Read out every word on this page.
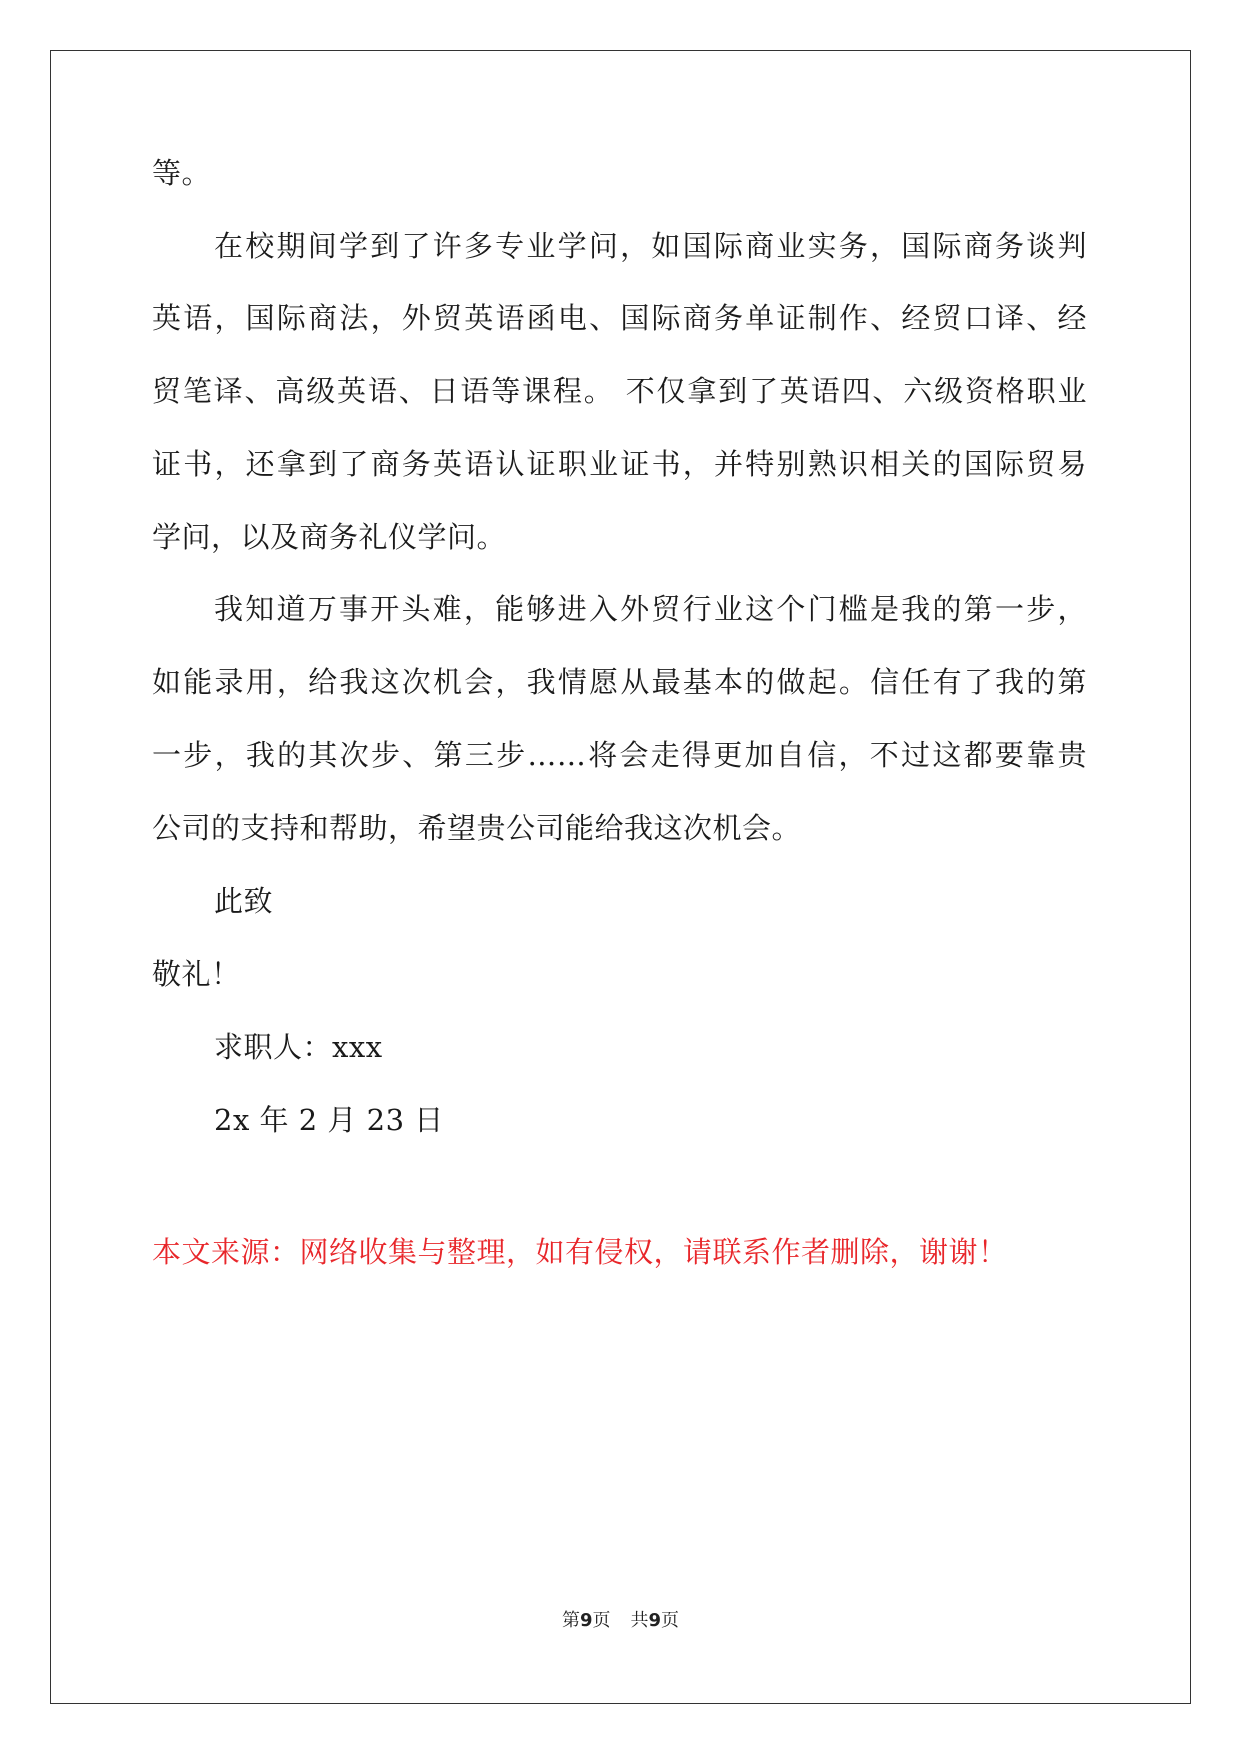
等。
在校期间学到了许多专业学问，如国际商业实务，国际商务谈判
英语，国际商法，外贸英语函电、国际商务单证制作、经贸口译、经
贸笔译、高级英语、日语等课程。 不仅拿到了英语四、六级资格职业
证书，还拿到了商务英语认证职业证书，并特别熟识相关的国际贸易
学问，以及商务礼仪学问。
我知道万事开头难，能够进入外贸行业这个门槛是我的第一步，
如能录用，给我这次机会，我情愿从最基本的做起。信任有了我的第
一步，我的其次步、第三步……将会走得更加自信，不过这都要靠贵
公司的支持和帮助，希望贵公司能给我这次机会。
此致
敬礼！
求职人：xxx
2x 年 2 月 23 日
本文来源：网络收集与整理，如有侵权，请联系作者删除，谢谢！
第9页 共9页
